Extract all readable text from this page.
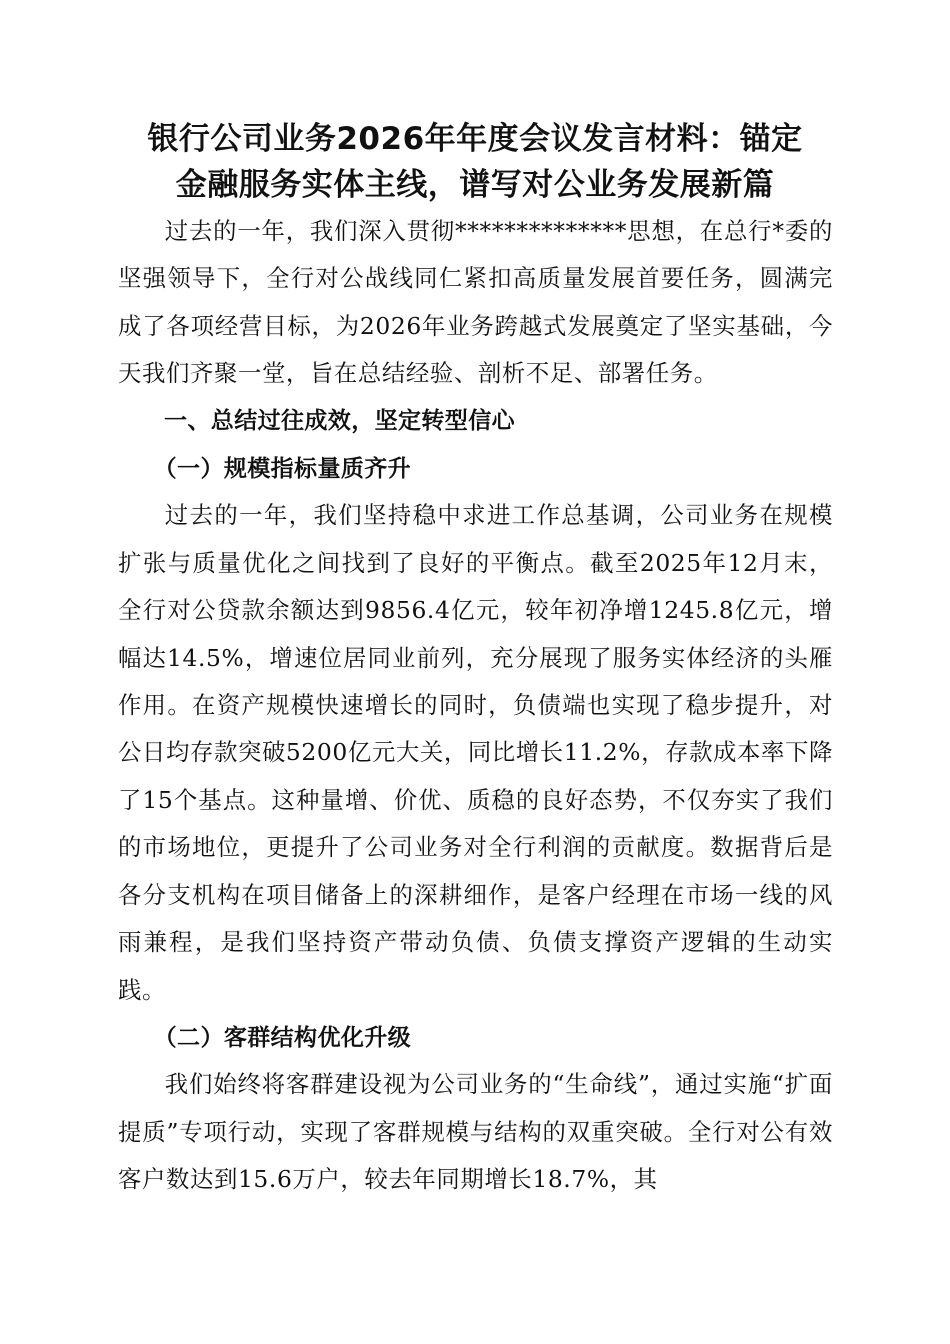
银行公司业务2026年年度会议发言材料：锚定
金融服务实体主线，谱写对公业务发展新篇

过去的一年，我们深入贯彻**************思想，在总行*委的坚强领导下，全行对公战线同仁紧扣高质量发展首要任务，圆满完成了各项经营目标，为2026年业务跨越式发展奠定了坚实基础，今天我们齐聚一堂，旨在总结经验、剖析不足、部署任务。

一、总结过往成效，坚定转型信心

（一）规模指标量质齐升

过去的一年，我们坚持稳中求进工作总基调，公司业务在规模扩张与质量优化之间找到了良好的平衡点。截至2025年12月末，全行对公贷款余额达到9856.4亿元，较年初净增1245.8亿元，增幅达14.5%，增速位居同业前列，充分展现了服务实体经济的头雁作用。在资产规模快速增长的同时，负债端也实现了稳步提升，对公日均存款突破5200亿元大关，同比增长11.2%，存款成本率下降了15个基点。这种量增、价优、质稳的良好态势，不仅夯实了我们的市场地位，更提升了公司业务对全行利润的贡献度。数据背后是各分支机构在项目储备上的深耕细作，是客户经理在市场一线的风雨兼程，是我们坚持资产带动负债、负债支撑资产逻辑的生动实践。

（二）客群结构优化升级

我们始终将客群建设视为公司业务的“生命线”，通过实施“扩面提质”专项行动，实现了客群规模与结构的双重突破。全行对公有效客户数达到15.6万户，较去年同期增长18.7%，其
